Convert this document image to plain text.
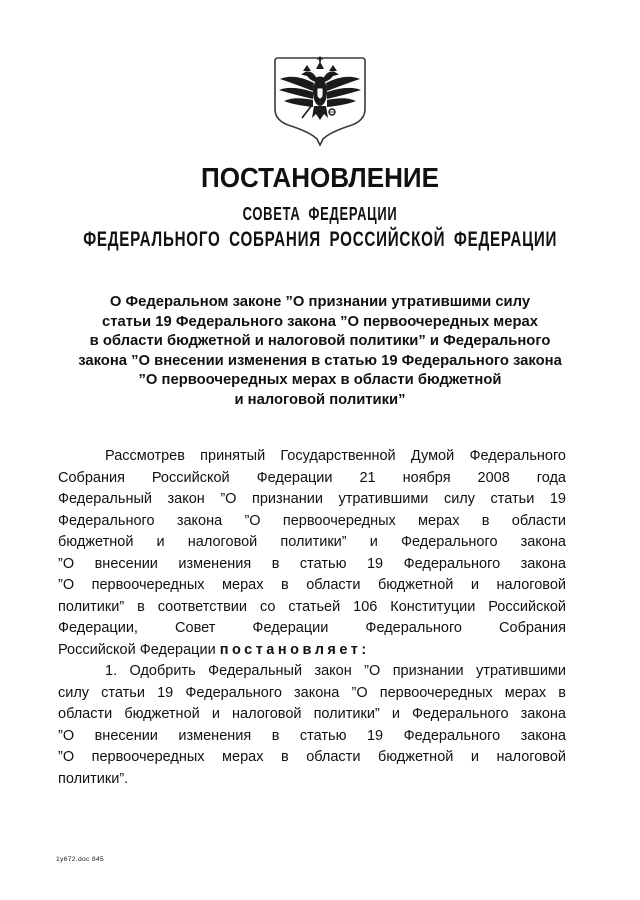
ПОСТАНОВЛЕНИЕ
СОВЕТА ФЕДЕРАЦИИ
ФЕДЕРАЛЬНОГО СОБРАНИЯ РОССИЙСКОЙ ФЕДЕРАЦИИ
О Федеральном законе ”О признании утратившими силу
статьи 19 Федерального закона ”О первоочередных мерах
в области бюджетной и налоговой политики” и Федерального
закона ”О внесении изменения в статью 19 Федерального закона
”О первоочередных мерах в области бюджетной
и налоговой политики”
Рассмотрев принятый Государственной Думой Федерального
Собрания Российской Федерации 21 ноября 2008 года
Федеральный закон ”О признании утратившими силу статьи 19
Федерального закона ”О первоочередных мерах в области
бюджетной и налоговой политики” и Федерального закона
”О внесении изменения в статью 19 Федерального закона
”О первоочередных мерах в области бюджетной и налоговой
политики” в соответствии со статьей 106 Конституции Российской
Федерации, Совет Федерации Федерального Собрания
Российской Федерации постановляет:
1. Одобрить Федеральный закон ”О признании утратившими
силу статьи 19 Федерального закона ”О первоочередных мерах в
области бюджетной и налоговой политики” и Федерального закона
”О внесении изменения в статью 19 Федерального закона
”О первоочередных мерах в области бюджетной и налоговой
политики”.
1у672.doc 845
